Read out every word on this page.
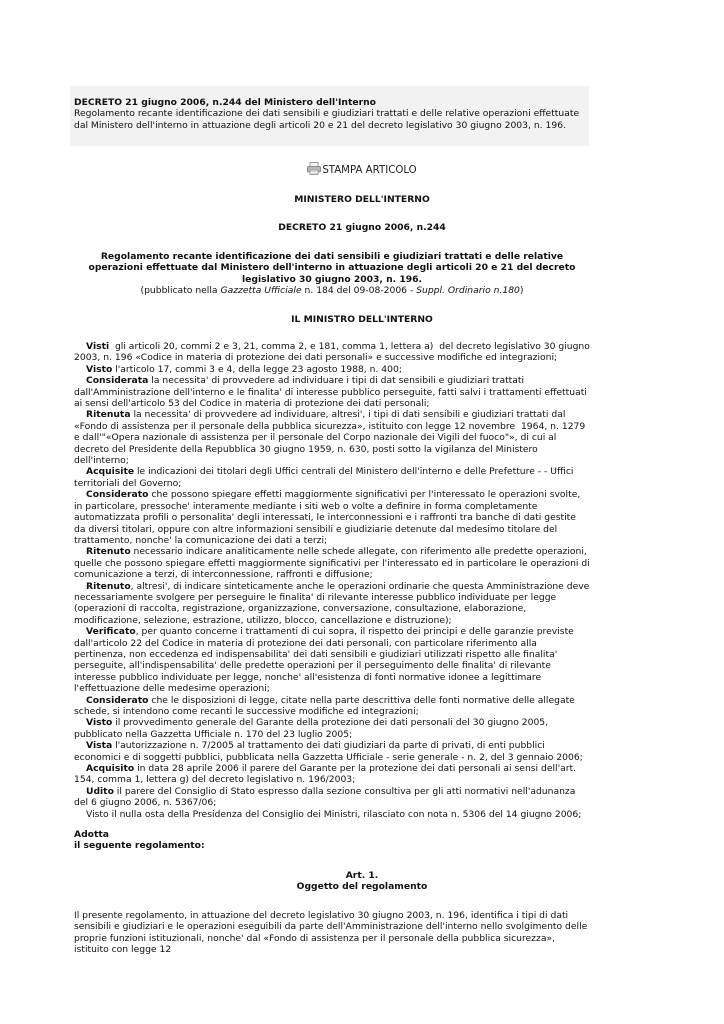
DECRETO 21 giugno 2006, n.244 del Ministero dell'Interno
Regolamento recante identificazione dei dati sensibili e giudiziari trattati e delle relative operazioni effettuate dal Ministero dell'interno in attuazione degli articoli 20 e 21 del decreto legislativo 30 giugno 2003, n. 196.
STAMPA ARTICOLO
MINISTERO DELL'INTERNO
DECRETO 21 giugno 2006, n.244
Regolamento recante identificazione dei dati sensibili e giudiziari trattati e delle relative operazioni effettuate dal Ministero dell'interno in attuazione degli articoli 20 e 21 del decreto legislativo 30 giugno 2003, n. 196.
(pubblicato nella Gazzetta Ufficiale n. 184 del 09-08-2006 - Suppl. Ordinario n.180)
IL MINISTRO DELL'INTERNO

Visti  gli articoli 20, commi 2 e 3, 21, comma 2, e 181, comma 1, lettera a)  del decreto legislativo 30 giugno 2003, n. 196 «Codice in materia di protezione dei dati personali» e successive modifiche ed integrazioni;

Visto l'articolo 17, commi 3 e 4, della legge 23 agosto 1988, n. 400;

Considerata la necessita' di provvedere ad individuare i tipi di dat sensibili e giudiziari trattati dall'Amministrazione dell'interno e le finalita' di interesse pubblico perseguite, fatti salvi i trattamenti effettuati ai sensi dell'articolo 53 del Codice in materia di protezione dei dati personali;

Ritenuta la necessita' di provvedere ad individuare, altresi', i tipi di dati sensibili e giudiziari trattati dal «Fondo di assistenza per il personale della pubblica sicurezza», istituito con legge 12 novembre  1964, n. 1279 e dall'"«Opera nazionale di assistenza per il personale del Corpo nazionale dei Vigili del fuoco"», di cui al decreto del Presidente della Repubblica 30 giugno 1959, n. 630, posti sotto la vigilanza del Ministero dell'interno;

Acquisite le indicazioni dei titolari degli Uffici centrali del Ministero dell'interno e delle Prefetture - - Uffici territoriali del Governo;

Considerato che possono spiegare effetti maggiormente significativi per l'interessato le operazioni svolte, in particolare, pressoche' interamente mediante i siti web o volte a definire in forma completamente automatizzata profili o personalita' degli interessati, le interconnessioni e i raffronti tra banche di dati gestite da diversi titolari, oppure con altre informazioni sensibili e giudiziarie detenute dal medesimo titolare del trattamento, nonche' la comunicazione dei dati a terzi;

Ritenuto necessario indicare analiticamente nelle schede allegate, con riferimento alle predette operazioni, quelle che possono spiegare effetti maggiormente significativi per l'interessato ed in particolare le operazioni di comunicazione a terzi, di interconnessione, raffronti e diffusione;

Ritenuto, altresi', di indicare sinteticamente anche le operazioni ordinarie che questa Amministrazione deve necessariamente svolgere per perseguire le finalita' di rilevante interesse pubblico individuate per legge (operazioni di raccolta, registrazione, organizzazione, conversazione, consultazione, elaborazione, modificazione, selezione, estrazione, utilizzo, blocco, cancellazione e distruzione);

Verificato, per quanto concerne i trattamenti di cui sopra, il rispetto dei principi e delle garanzie previste dall'articolo 22 del Codice in materia di protezione dei dati personali, con particolare riferimento alla pertinenza, non eccedenza ed indispensabilita' dei dati sensibili e giudiziari utilizzati rispetto alle finalita' perseguite, all'indispensabilita' delle predette operazioni per il perseguimento delle finalita' di rilevante interesse pubblico individuate per legge, nonche' all'esistenza di fonti normative idonee a legittimare l'effettuazione delle medesime operazioni;

Considerato che le disposizioni di legge, citate nella parte descrittiva delle fonti normative delle allegate schede, si intendono come recanti le successive modifiche ed integrazioni;

Visto il provvedimento generale del Garante della protezione dei dati personali del 30 giugno 2005, pubblicato nella Gazzetta Ufficiale n. 170 del 23 luglio 2005;

Vista l'autorizzazione n. 7/2005 al trattamento dei dati giudiziari da parte di privati, di enti pubblici economici e di soggetti pubblici, pubblicata nella Gazzetta Ufficiale - serie generale - n. 2, del 3 gennaio 2006;

Acquisito in data 28 aprile 2006 il parere del Garante per la protezione dei dati personali ai sensi dell'art. 154, comma 1, lettera g) del decreto legislativo n. 196/2003;

Udito il parere del Consiglio di Stato espresso dalla sezione consultiva per gli atti normativi nell'adunanza del 6 giugno 2006, n. 5367/06;

Visto il nulla osta della Presidenza del Consiglio dei Ministri, rilasciato con nota n. 5306 del 14 giugno 2006;

Adotta
il seguente regolamento:
Art. 1.
Oggetto del regolamento
Il presente regolamento, in attuazione del decreto legislativo 30 giugno 2003, n. 196, identifica i tipi di dati sensibili e giudiziari e le operazioni eseguibili da parte dell'Amministrazione dell'interno nello svolgimento delle proprie funzioni istituzionali, nonche' dal «Fondo di assistenza per il personale della pubblica sicurezza», istituito con legge 12
